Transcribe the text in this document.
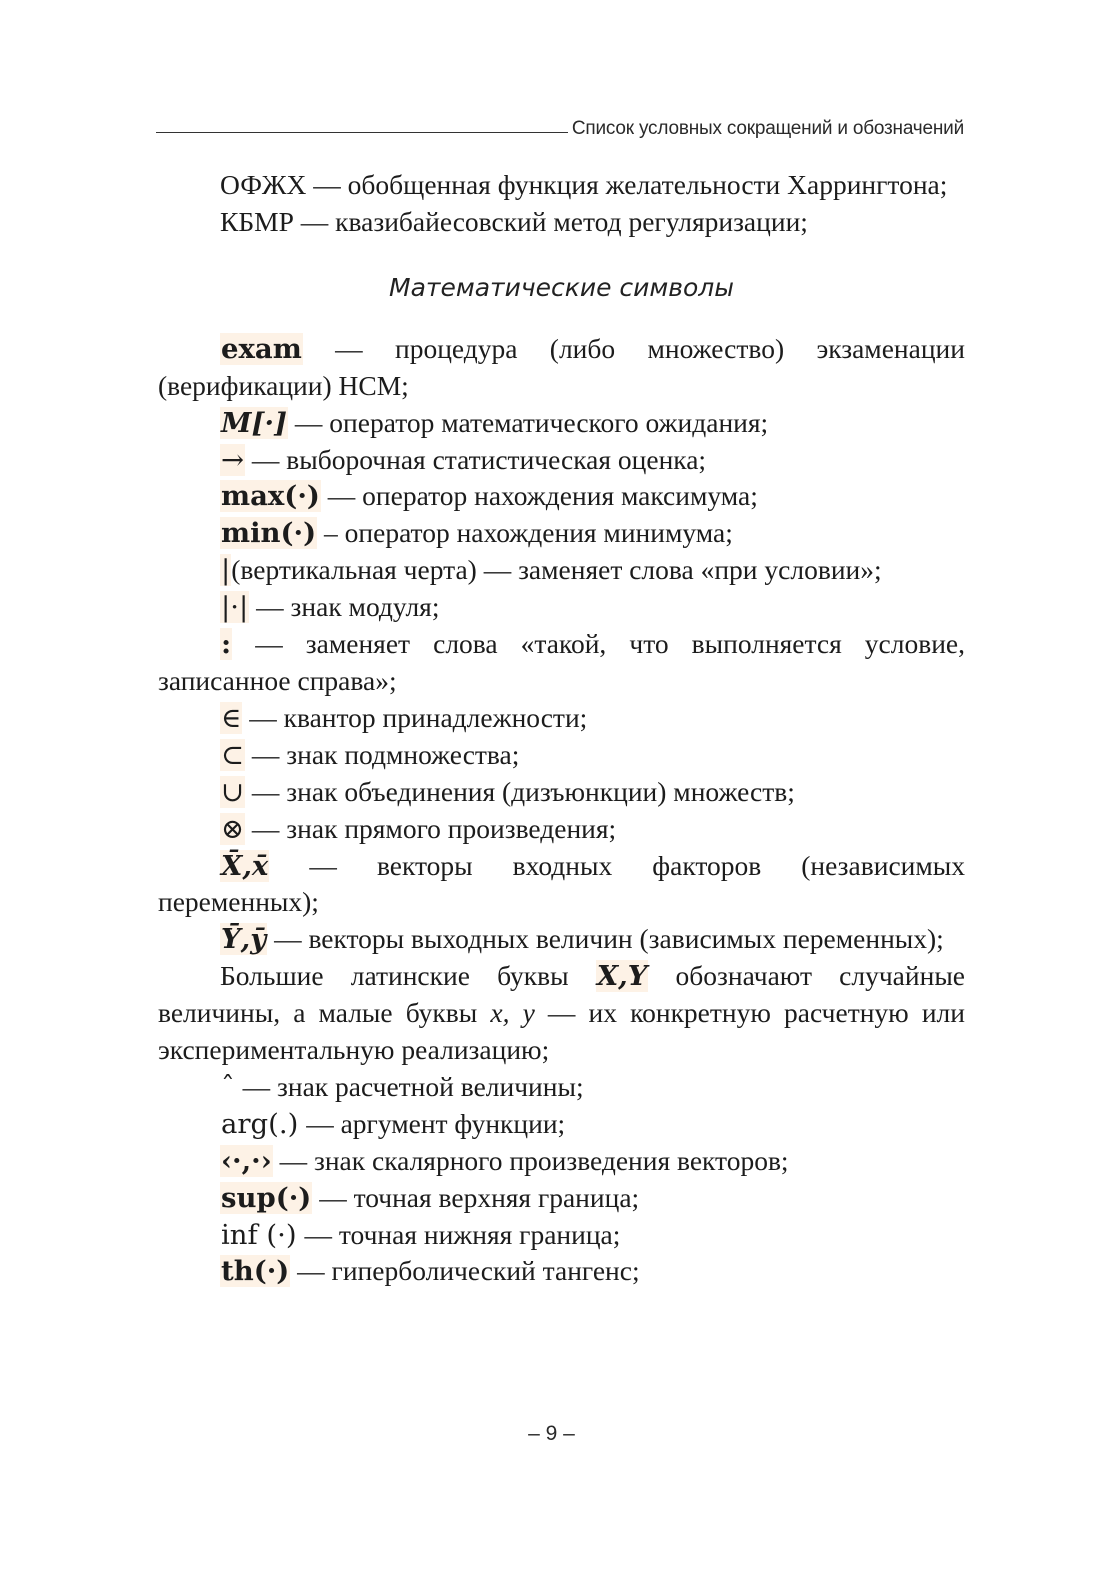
Список условных сокращений и обозначений

ОФЖХ — обобщенная функция желательности Харрингтона;

КБМР — квазибайесовский метод регуляризации;

Математические символы

exam — процедура (либо множество) экзаменации (верификации) НСМ;

M[·] — оператор математического ожидания;

→ — выборочная статистическая оценка;

max(·) — оператор нахождения максимума;

min(·) – оператор нахождения минимума;

|(вертикальная черта) — заменяет слова «при условии»;

|·| — знак модуля;

: — заменяет слова «такой, что выполняется условие, записанное справа»;

∈ — квантор принадлежности;

⊂ — знак подмножества;

∪ — знак объединения (дизъюнкции) множеств;

⊗ — знак прямого произведения;

X̄,x̄ — векторы входных факторов (независимых переменных);

Ȳ,ȳ — векторы выходных величин (зависимых переменных);

Большие латинские буквы X,Y обозначают случайные величины, а малые буквы x, y — их конкретную расчетную или экспериментальную реализацию;

ˆ — знак расчетной величины;

arg(.) — аргумент функции;

‹·,·› — знак скалярного произведения векторов;

sup(·) — точная верхняя граница;

inf (·) — точная нижняя граница;

th(·) — гиперболический тангенс;

– 9 –
